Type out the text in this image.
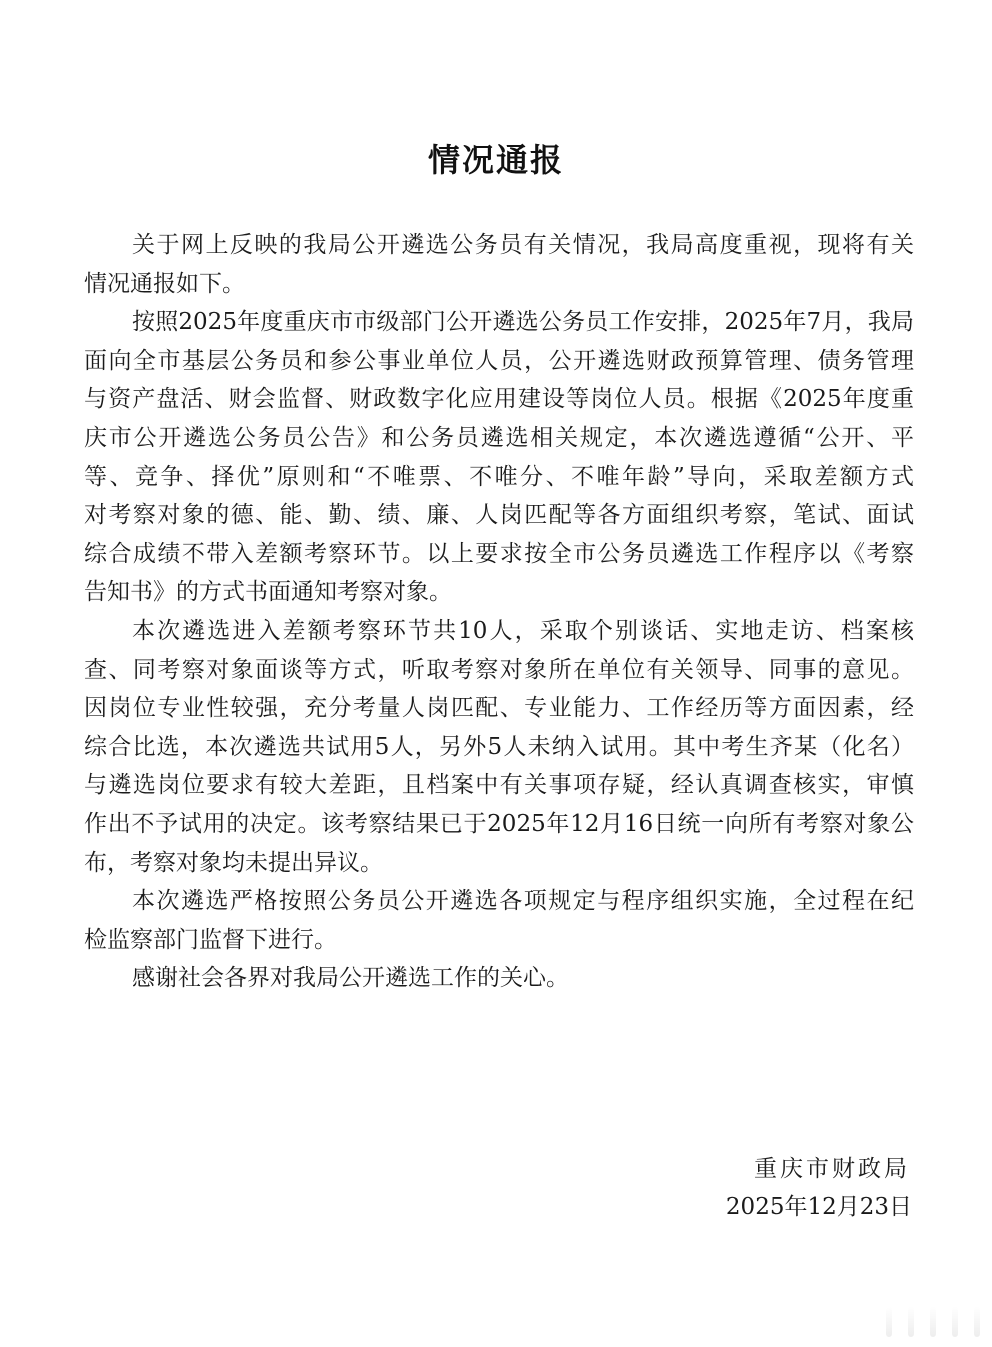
情况通报
关于网上反映的我局公开遴选公务员有关情况，我局高度重视，现将有关
情况通报如下。
按照2025年度重庆市市级部门公开遴选公务员工作安排，2025年7月，我局
面向全市基层公务员和参公事业单位人员，公开遴选财政预算管理、债务管理
与资产盘活、财会监督、财政数字化应用建设等岗位人员。根据《2025年度重
庆市公开遴选公务员公告》和公务员遴选相关规定，本次遴选遵循“公开、平
等、竞争、择优”原则和“不唯票、不唯分、不唯年龄”导向，采取差额方式
对考察对象的德、能、勤、绩、廉、人岗匹配等各方面组织考察，笔试、面试
综合成绩不带入差额考察环节。以上要求按全市公务员遴选工作程序以《考察
告知书》的方式书面通知考察对象。
本次遴选进入差额考察环节共10人，采取个别谈话、实地走访、档案核
查、同考察对象面谈等方式，听取考察对象所在单位有关领导、同事的意见。
因岗位专业性较强，充分考量人岗匹配、专业能力、工作经历等方面因素，经
综合比选，本次遴选共试用5人，另外5人未纳入试用。其中考生齐某（化名）
与遴选岗位要求有较大差距，且档案中有关事项存疑，经认真调查核实，审慎
作出不予试用的决定。该考察结果已于2025年12月16日统一向所有考察对象公
布，考察对象均未提出异议。
本次遴选严格按照公务员公开遴选各项规定与程序组织实施，全过程在纪
检监察部门监督下进行。
感谢社会各界对我局公开遴选工作的关心。
重庆市财政局
2025年12月23日
